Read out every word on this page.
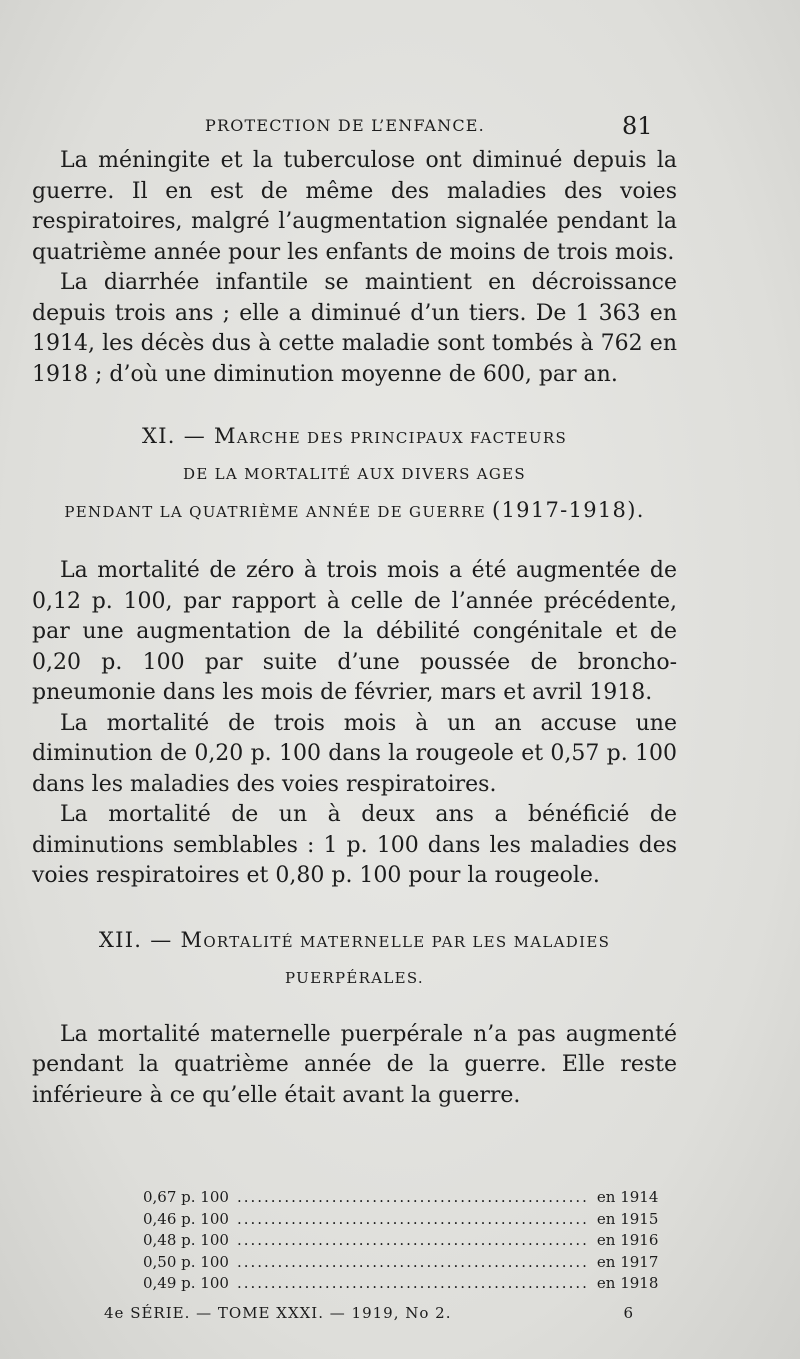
PROTECTION DE L’ENFANCE.	81

La méningite et la tuberculose ont diminué depuis la guerre. Il en est de même des maladies des voies respiratoires, malgré l’augmentation signalée pendant la quatrième année pour les enfants de moins de trois mois.

La diarrhée infantile se maintient en décroissance depuis trois ans ; elle a diminué d’un tiers. De 1 363 en 1914, les décès dus à cette maladie sont tombés à 762 en 1918 ; d’où une diminution moyenne de 600, par an.

XI. — MARCHE DES PRINCIPAUX FACTEURS

DE LA MORTALITÉ AUX DIVERS AGES

PENDANT LA QUATRIÈME ANNÉE DE GUERRE (1917-1918).

La mortalité de zéro à trois mois a été augmentée de 0,12 p. 100, par rapport à celle de l’année précédente, par une augmentation de la débilité congénitale et de 0,20 p. 100 par suite d’une poussée de broncho-pneumonie dans les mois de février, mars et avril 1918.

La mortalité de trois mois à un an accuse une diminution de 0,20 p. 100 dans la rougeole et 0,57 p. 100 dans les maladies des voies respiratoires.

La mortalité de un à deux ans a bénéficié de diminutions semblables : 1 p. 100 dans les maladies des voies respiratoires et 0,80 p. 100 pour la rougeole.

XII. — MORTALITÉ MATERNELLE PAR LES MALADIES

PUERPÉRALES.

La mortalité maternelle puerpérale n’a pas augmenté pendant la quatrième année de la guerre. Elle reste inférieure à ce qu’elle était avant la guerre.

0,67 p. 100 .................................................... en 1914
0,46 p. 100 .................................................... en 1915
0,48 p. 100 .................................................... en 1916
0,50 p. 100 .................................................... en 1917
0,49 p. 100 .................................................... en 1918
4e SÉRIE. — TOME XXXI. — 1919, No 2.	6
